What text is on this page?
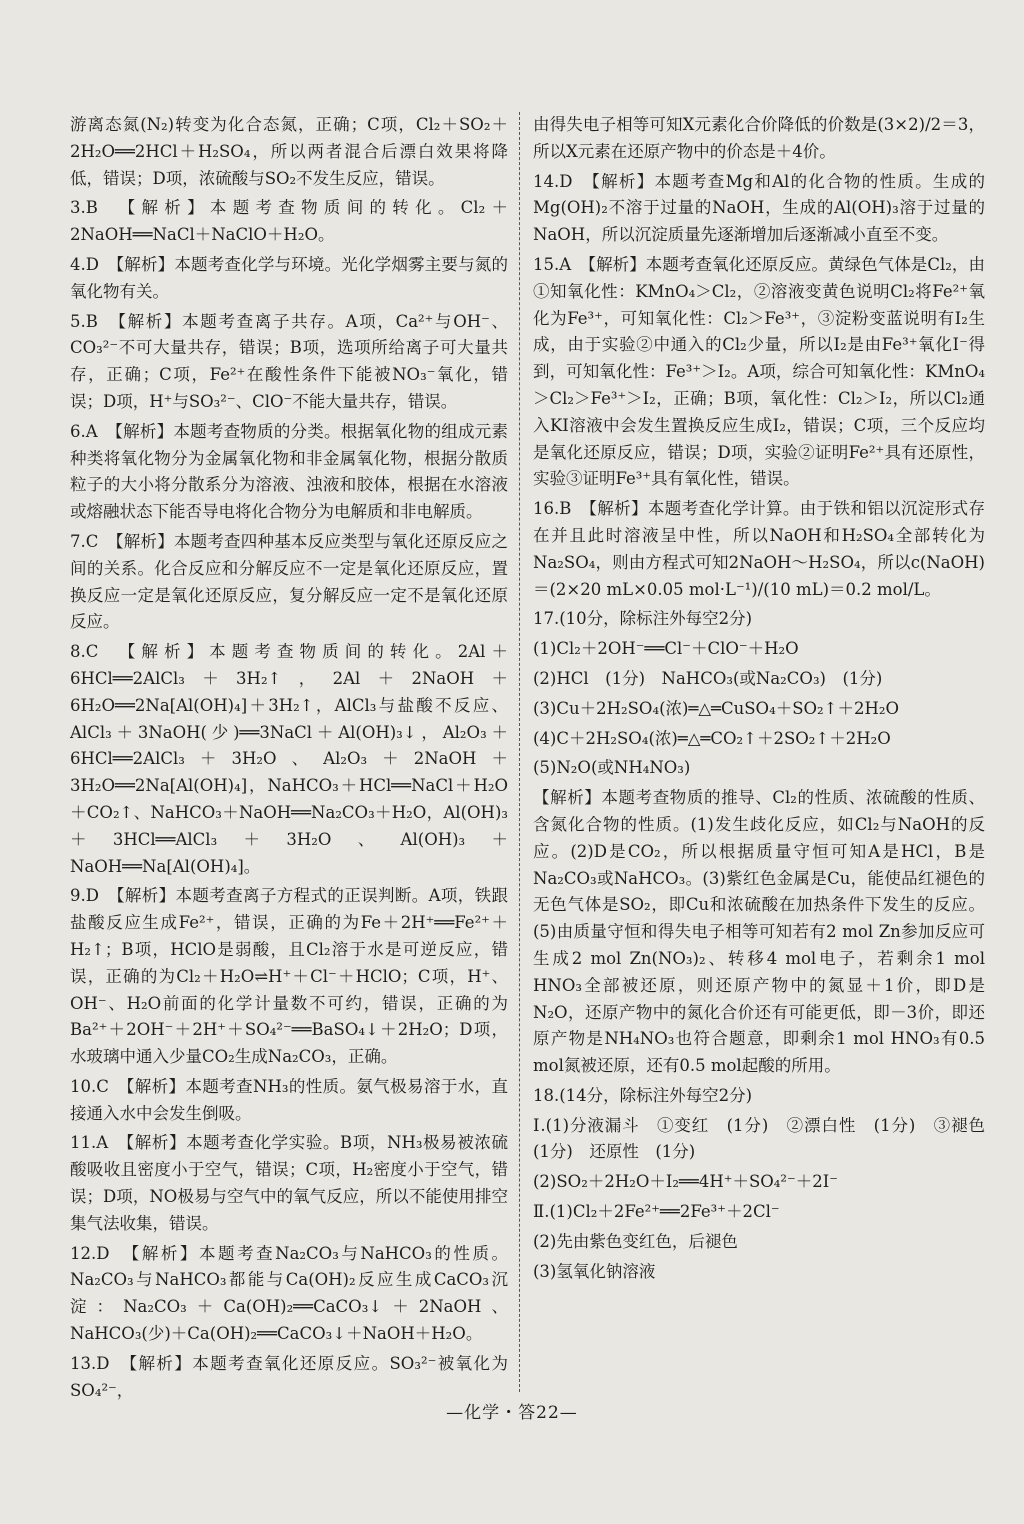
游离态氮(N₂)转变为化合态氮，正确；C项，Cl₂＋SO₂＋2H₂O══2HCl＋H₂SO₄，所以两者混合后漂白效果将降低，错误；D项，浓硫酸与SO₂不发生反应，错误。

3.B　【解析】本题考查物质间的转化。Cl₂＋2NaOH══NaCl＋NaClO＋H₂O。

4.D　【解析】本题考查化学与环境。光化学烟雾主要与氮的氧化物有关。

5.B　【解析】本题考查离子共存。A项，Ca²⁺与OH⁻、CO₃²⁻不可大量共存，错误；B项，选项所给离子可大量共存，正确；C项，Fe²⁺在酸性条件下能被NO₃⁻氧化，错误；D项，H⁺与SO₃²⁻、ClO⁻不能大量共存，错误。

6.A　【解析】本题考查物质的分类。根据氧化物的组成元素种类将氧化物分为金属氧化物和非金属氧化物，根据分散质粒子的大小将分散系分为溶液、浊液和胶体，根据在水溶液或熔融状态下能否导电将化合物分为电解质和非电解质。

7.C　【解析】本题考查四种基本反应类型与氧化还原反应之间的关系。化合反应和分解反应不一定是氧化还原反应，置换反应一定是氧化还原反应，复分解反应一定不是氧化还原反应。

8.C　【解析】本题考查物质间的转化。2Al＋6HCl══2AlCl₃＋3H₂↑，2Al＋2NaOH＋6H₂O══2Na[Al(OH)₄]＋3H₂↑，AlCl₃与盐酸不反应、AlCl₃＋3NaOH(少)══3NaCl＋Al(OH)₃↓，Al₂O₃＋6HCl══2AlCl₃＋3H₂O、Al₂O₃＋2NaOH＋3H₂O══2Na[Al(OH)₄]，NaHCO₃＋HCl══NaCl＋H₂O＋CO₂↑、NaHCO₃＋NaOH══Na₂CO₃＋H₂O，Al(OH)₃＋3HCl══AlCl₃＋3H₂O、Al(OH)₃＋NaOH══Na[Al(OH)₄]。

9.D　【解析】本题考查离子方程式的正误判断。A项，铁跟盐酸反应生成Fe²⁺，错误，正确的为Fe＋2H⁺══Fe²⁺＋H₂↑；B项，HClO是弱酸，且Cl₂溶于水是可逆反应，错误，正确的为Cl₂＋H₂O⇌H⁺＋Cl⁻＋HClO；C项，H⁺、OH⁻、H₂O前面的化学计量数不可约，错误，正确的为Ba²⁺＋2OH⁻＋2H⁺＋SO₄²⁻══BaSO₄↓＋2H₂O；D项，水玻璃中通入少量CO₂生成Na₂CO₃，正确。

10.C　【解析】本题考查NH₃的性质。氨气极易溶于水，直接通入水中会发生倒吸。

11.A　【解析】本题考查化学实验。B项，NH₃极易被浓硫酸吸收且密度小于空气，错误；C项，H₂密度小于空气，错误；D项，NO极易与空气中的氧气反应，所以不能使用排空集气法收集，错误。

12.D　【解析】本题考查Na₂CO₃与NaHCO₃的性质。Na₂CO₃与NaHCO₃都能与Ca(OH)₂反应生成CaCO₃沉淀：Na₂CO₃＋Ca(OH)₂══CaCO₃↓＋2NaOH、NaHCO₃(少)＋Ca(OH)₂══CaCO₃↓＋NaOH＋H₂O。

13.D　【解析】本题考查氧化还原反应。SO₃²⁻被氧化为SO₄²⁻，

由得失电子相等可知X元素化合价降低的价数是(3×2)/2＝3，所以X元素在还原产物中的价态是＋4价。

14.D　【解析】本题考查Mg和Al的化合物的性质。生成的Mg(OH)₂不溶于过量的NaOH，生成的Al(OH)₃溶于过量的NaOH，所以沉淀质量先逐渐增加后逐渐减小直至不变。

15.A　【解析】本题考查氧化还原反应。黄绿色气体是Cl₂，由①知氧化性：KMnO₄＞Cl₂，②溶液变黄色说明Cl₂将Fe²⁺氧化为Fe³⁺，可知氧化性：Cl₂＞Fe³⁺，③淀粉变蓝说明有I₂生成，由于实验②中通入的Cl₂少量，所以I₂是由Fe³⁺氧化I⁻得到，可知氧化性：Fe³⁺＞I₂。A项，综合可知氧化性：KMnO₄＞Cl₂＞Fe³⁺＞I₂，正确；B项，氧化性：Cl₂＞I₂，所以Cl₂通入KI溶液中会发生置换反应生成I₂，错误；C项，三个反应均是氧化还原反应，错误；D项，实验②证明Fe²⁺具有还原性，实验③证明Fe³⁺具有氧化性，错误。

16.B　【解析】本题考查化学计算。由于铁和铝以沉淀形式存在并且此时溶液呈中性，所以NaOH和H₂SO₄全部转化为Na₂SO₄，则由方程式可知2NaOH～H₂SO₄，所以c(NaOH)＝(2×20 mL×0.05 mol·L⁻¹)/(10 mL)＝0.2 mol/L。

17.(10分，除标注外每空2分)

(1)Cl₂＋2OH⁻══Cl⁻＋ClO⁻＋H₂O

(2)HCl　(1分)　NaHCO₃(或Na₂CO₃)　(1分)

(3)Cu＋2H₂SO₄(浓)═△═CuSO₄＋SO₂↑＋2H₂O

(4)C＋2H₂SO₄(浓)═△═CO₂↑＋2SO₂↑＋2H₂O

(5)N₂O(或NH₄NO₃)

【解析】本题考查物质的推导、Cl₂的性质、浓硫酸的性质、含氮化合物的性质。(1)发生歧化反应，如Cl₂与NaOH的反应。(2)D是CO₂，所以根据质量守恒可知A是HCl，B是Na₂CO₃或NaHCO₃。(3)紫红色金属是Cu，能使品红褪色的无色气体是SO₂，即Cu和浓硫酸在加热条件下发生的反应。(5)由质量守恒和得失电子相等可知若有2 mol Zn参加反应可生成2 mol Zn(NO₃)₂、转移4 mol电子，若剩余1 mol HNO₃全部被还原，则还原产物中的氮显＋1价，即D是N₂O，还原产物中的氮化合价还有可能更低，即－3价，即还原产物是NH₄NO₃也符合题意，即剩余1 mol HNO₃有0.5 mol氮被还原，还有0.5 mol起酸的所用。

18.(14分，除标注外每空2分)

Ⅰ.(1)分液漏斗　①变红　(1分)　②漂白性　(1分)　③褪色　(1分)　还原性　(1分)

(2)SO₂＋2H₂O＋I₂══4H⁺＋SO₄²⁻＋2I⁻

Ⅱ.(1)Cl₂＋2Fe²⁺══2Fe³⁺＋2Cl⁻

(2)先由紫色变红色，后褪色

(3)氢氧化钠溶液

—化学・答22—
